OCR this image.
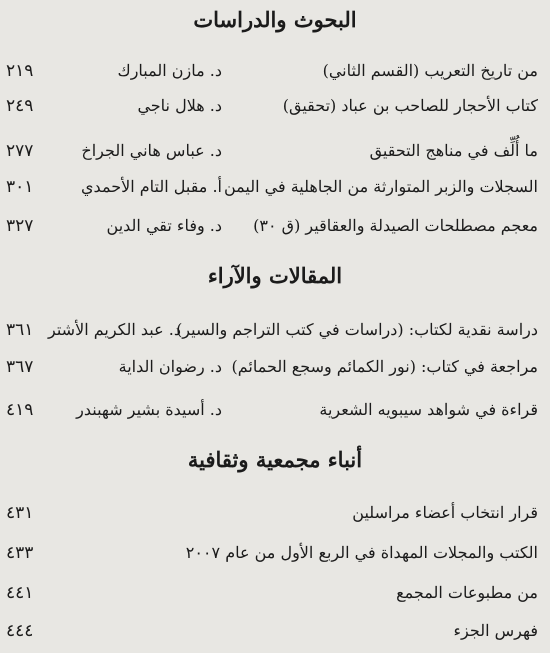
البحوث والدراسات
من تاريخ التعريب (القسم الثاني)
د. مازن المبارك
٢١٩
كتاب الأحجار للصاحب بن عباد (تحقيق)
د. هلال ناجي
٢٤٩
ما أُلِّف في مناهج التحقيق
د. عباس هاني الجراخ
٢٧٧
السجلات والزبر المتوارثة من الجاهلية في اليمن
أ. مقبل التام الأحمدي
٣٠١
معجم مصطلحات الصيدلة والعقاقير (ق ٣٠)
د. وفاء تقي الدين
٣٢٧
المقالات والآراء
دراسة نقدية لكتاب: (دراسات في كتب التراجم والسير)
د. عبد الكريم الأشتر
٣٦١
مراجعة في كتاب: (نور الكمائم وسجع الحمائم)
د. رضوان الداية
٣٦٧
قراءة في شواهد سيبويه الشعرية
د. أسيدة بشير شهبندر
٤١٩
أنباء مجمعية وثقافية
قرار انتخاب أعضاء مراسلين
٤٣١
الكتب والمجلات المهداة في الربع الأول من عام ٢٠٠٧
٤٣٣
من مطبوعات المجمع
٤٤١
فهرس الجزء
٤٤٤
